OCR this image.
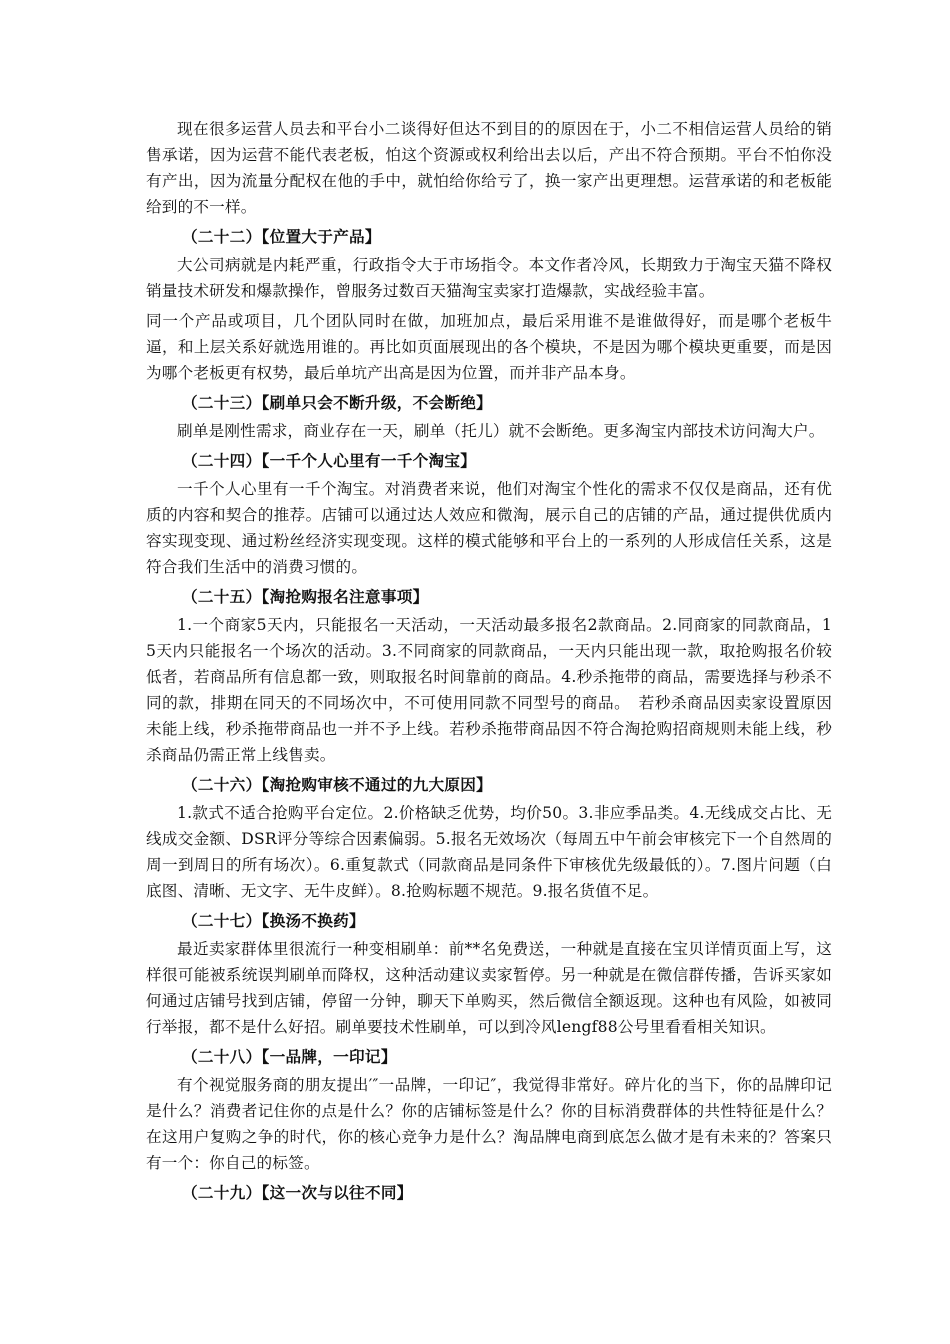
现在很多运营人员去和平台小二谈得好但达不到目的的原因在于，小二不相信运营人员给的销售承诺，因为运营不能代表老板，怕这个资源或权利给出去以后，产出不符合预期。平台不怕你没有产出，因为流量分配权在他的手中，就怕给你给亏了，换一家产出更理想。运营承诺的和老板能给到的不一样。

（二十二）【位置大于产品】

大公司病就是内耗严重，行政指令大于市场指令。本文作者冷风，长期致力于淘宝天猫不降权销量技术研发和爆款操作，曾服务过数百天猫淘宝卖家打造爆款，实战经验丰富。

同一个产品或项目，几个团队同时在做，加班加点，最后采用谁不是谁做得好，而是哪个老板牛逼，和上层关系好就选用谁的。再比如页面展现出的各个模块，不是因为哪个模块更重要，而是因为哪个老板更有权势，最后单坑产出高是因为位置，而并非产品本身。

（二十三）【刷单只会不断升级，不会断绝】

刷单是刚性需求，商业存在一天，刷单（托儿）就不会断绝。更多淘宝内部技术访问淘大户。

（二十四）【一千个人心里有一千个淘宝】

一千个人心里有一千个淘宝。对消费者来说，他们对淘宝个性化的需求不仅仅是商品，还有优质的内容和契合的推荐。店铺可以通过达人效应和微淘，展示自己的店铺的产品，通过提供优质内容实现变现、通过粉丝经济实现变现。这样的模式能够和平台上的一系列的人形成信任关系，这是符合我们生活中的消费习惯的。

（二十五）【淘抢购报名注意事项】

1.一个商家5天内，只能报名一天活动，一天活动最多报名2款商品。2.同商家的同款商品，15天内只能报名一个场次的活动。3.不同商家的同款商品，一天内只能出现一款，取抢购报名价较低者，若商品所有信息都一致，则取报名时间靠前的商品。4.秒杀拖带的商品，需要选择与秒杀不同的款，排期在同天的不同场次中，不可使用同款不同型号的商品。　若秒杀商品因卖家设置原因未能上线，秒杀拖带商品也一并不予上线。若秒杀拖带商品因不符合淘抢购招商规则未能上线，秒杀商品仍需正常上线售卖。

（二十六）【淘抢购审核不通过的九大原因】

1.款式不适合抢购平台定位。2.价格缺乏优势，均价50。3.非应季品类。4.无线成交占比、无线成交金额、DSR评分等综合因素偏弱。5.报名无效场次（每周五中午前会审核完下一个自然周的周一到周日的所有场次）。6.重复款式（同款商品是同条件下审核优先级最低的）。7.图片问题（白底图、清晰、无文字、无牛皮鲜）。8.抢购标题不规范。9.报名货值不足。

（二十七）【换汤不换药】

最近卖家群体里很流行一种变相刷单：前**名免费送，一种就是直接在宝贝详情页面上写，这样很可能被系统误判刷单而降权，这种活动建议卖家暂停。另一种就是在微信群传播，告诉买家如何通过店铺号找到店铺，停留一分钟，聊天下单购买，然后微信全额返现。这种也有风险，如被同行举报，都不是什么好招。刷单要技术性刷单，可以到冷风lengf88公号里看看相关知识。

（二十八）【一品牌，一印记】

有个视觉服务商的朋友提出′″一品牌，一印记″，我觉得非常好。碎片化的当下，你的品牌印记是什么？消费者记住你的点是什么？你的店铺标签是什么？你的目标消费群体的共性特征是什么？在这用户复购之争的时代，你的核心竞争力是什么？淘品牌电商到底怎么做才是有未来的？答案只有一个：你自己的标签。

（二十九）【这一次与以往不同】
